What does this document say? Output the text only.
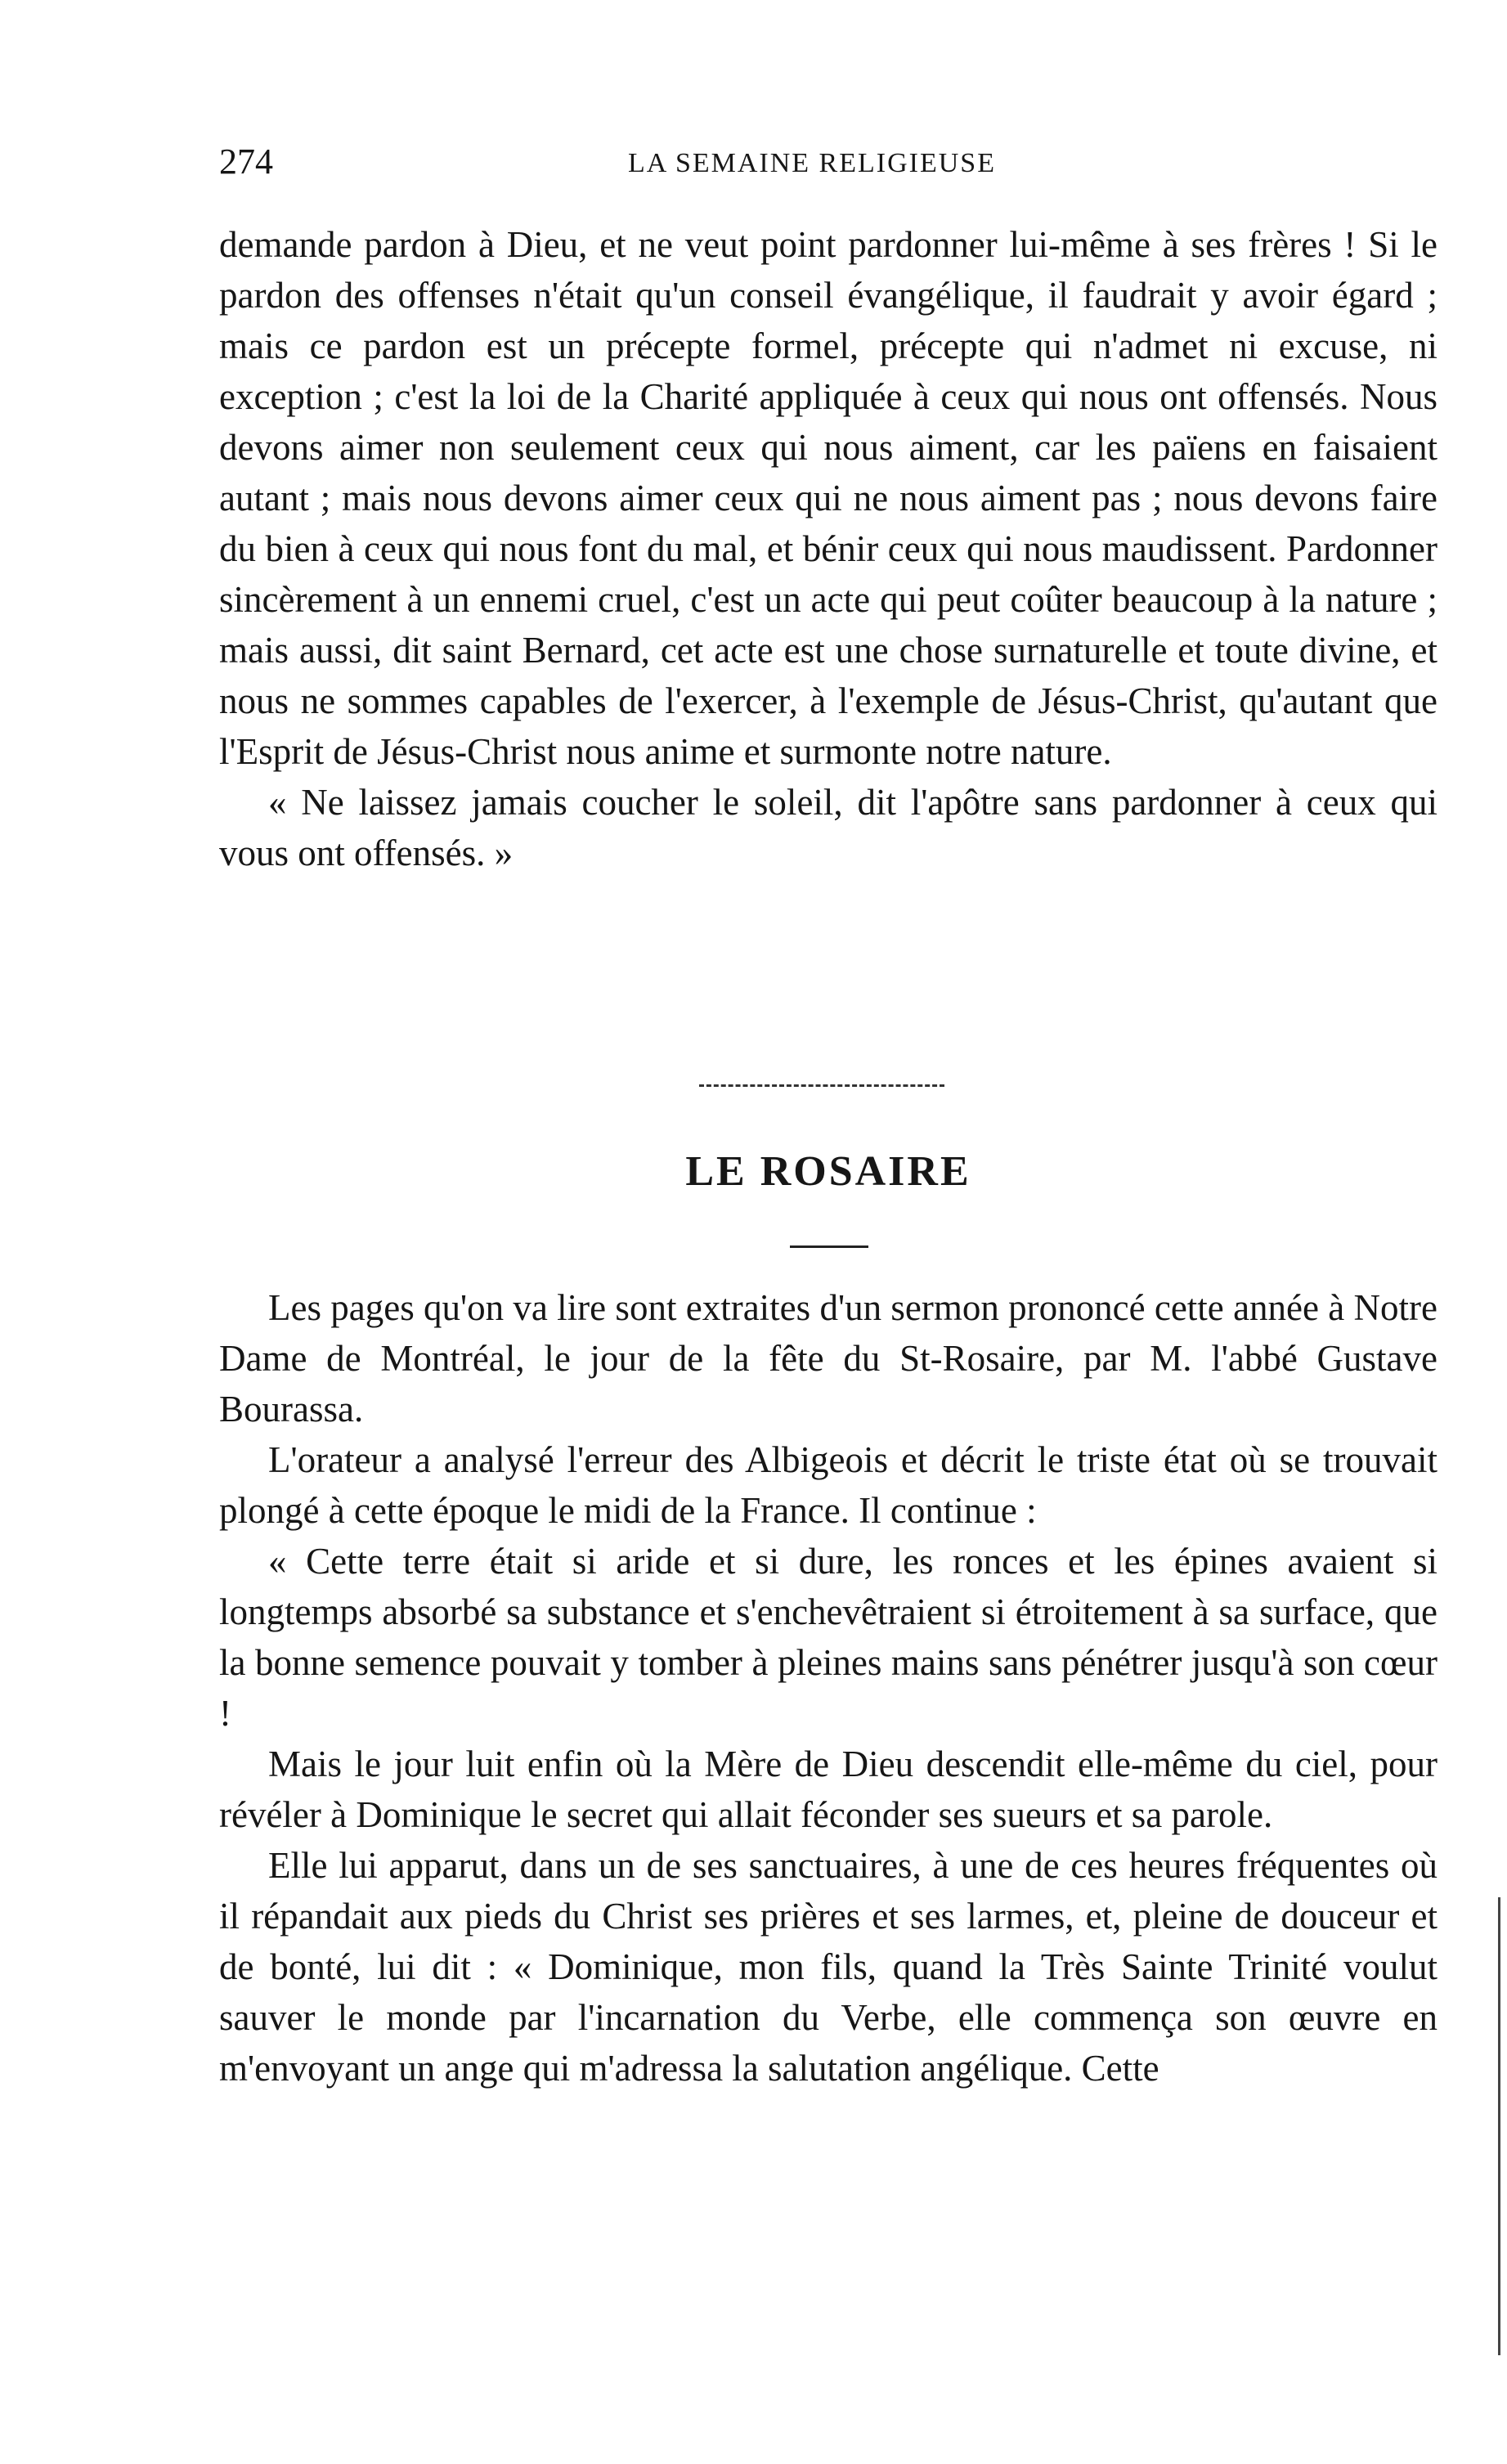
274	LA SEMAINE RELIGIEUSE

demande pardon à Dieu, et ne veut point pardonner lui-même à ses frères ! Si le pardon des offenses n'était qu'un conseil évangélique, il faudrait y avoir égard ; mais ce pardon est un précepte formel, précepte qui n'admet ni excuse, ni exception ; c'est la loi de la Charité appliquée à ceux qui nous ont offensés. Nous devons aimer non seulement ceux qui nous aiment, car les païens en faisaient autant ; mais nous devons aimer ceux qui ne nous aiment pas ; nous devons faire du bien à ceux qui nous font du mal, et bénir ceux qui nous maudissent. Pardonner sincèrement à un ennemi cruel, c'est un acte qui peut coûter beaucoup à la nature ; mais aussi, dit saint Bernard, cet acte est une chose surnaturelle et toute divine, et nous ne sommes capables de l'exercer, à l'exemple de Jésus-Christ, qu'autant que l'Esprit de Jésus-Christ nous anime et surmonte notre nature.

« Ne laissez jamais coucher le soleil, dit l'apôtre sans pardonner à ceux qui vous ont offensés. »

LE ROSAIRE

Les pages qu'on va lire sont extraites d'un sermon prononcé cette année à Notre Dame de Montréal, le jour de la fête du St-Rosaire, par M. l'abbé Gustave Bourassa.

L'orateur a analysé l'erreur des Albigeois et décrit le triste état où se trouvait plongé à cette époque le midi de la France. Il continue :

« Cette terre était si aride et si dure, les ronces et les épines avaient si longtemps absorbé sa substance et s'enchevêtraient si étroitement à sa surface, que la bonne semence pouvait y tomber à pleines mains sans pénétrer jusqu'à son cœur !

Mais le jour luit enfin où la Mère de Dieu descendit elle-même du ciel, pour révéler à Dominique le secret qui allait féconder ses sueurs et sa parole.

Elle lui apparut, dans un de ses sanctuaires, à une de ces heures fréquentes où il répandait aux pieds du Christ ses prières et ses larmes, et, pleine de douceur et de bonté, lui dit : « Dominique, mon fils, quand la Très Sainte Trinité voulut sauver le monde par l'incarnation du Verbe, elle commença son œuvre en m'envoyant un ange qui m'adressa la salutation angélique. Cette
